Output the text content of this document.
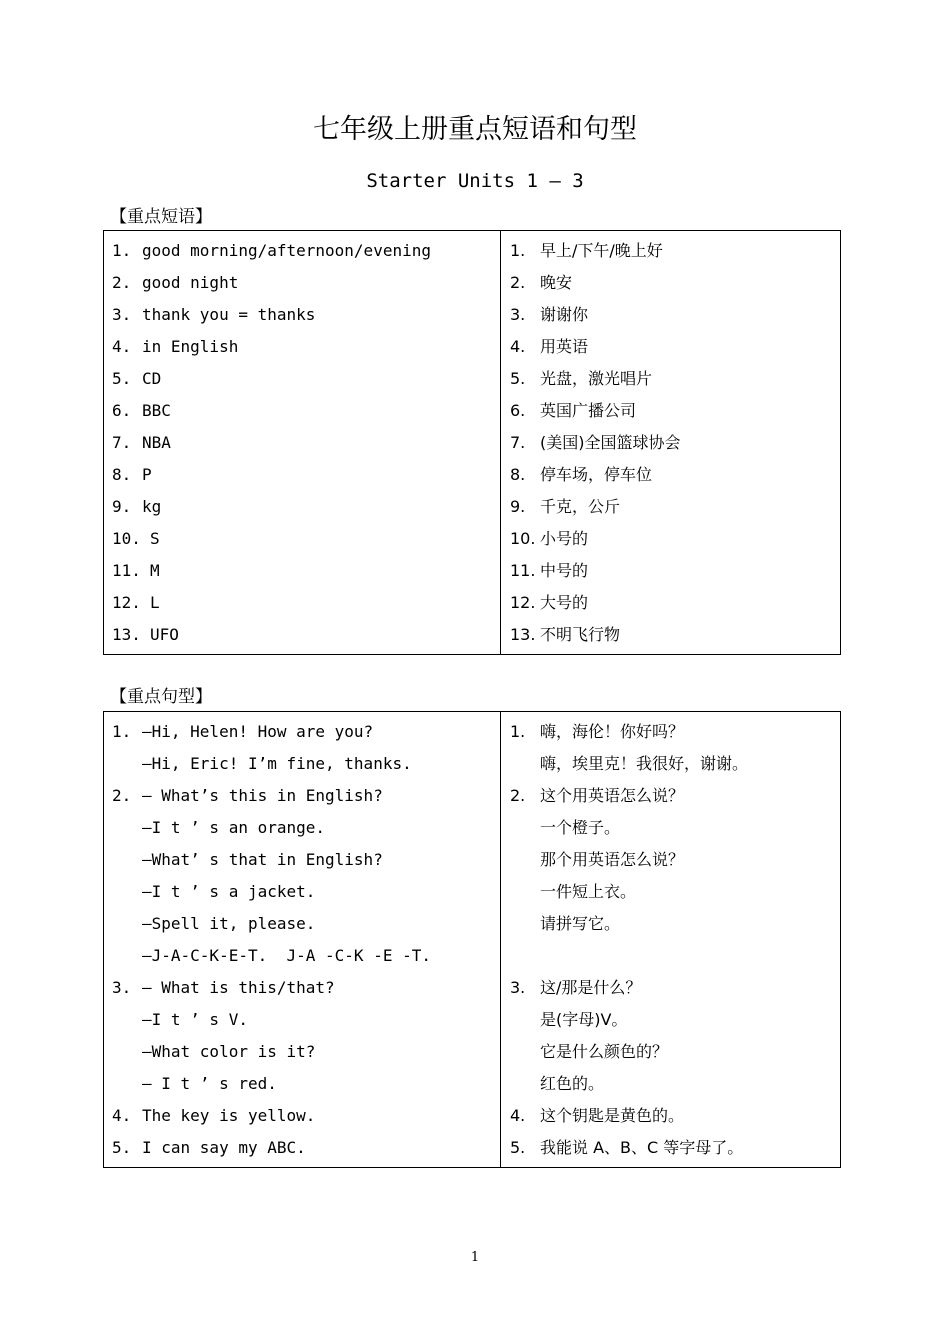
七年级上册重点短语和句型
Starter Units 1 — 3
【重点短语】
1. good morning/afternoon/evening
2. good night
3. thank you = thanks
4. in English
5. CD
6. BBC
7. NBA
8. P
9. kg
10. S
11. M
12. L
13. UFO
1. 早上/下午/晚上好
2. 晚安
3. 谢谢你
4. 用英语
5. 光盘，激光唱片
6. 英国广播公司
7. (美国)全国篮球协会
8. 停车场，停车位
9. 千克，公斤
10. 小号的
11. 中号的
12. 大号的
13. 不明飞行物
【重点句型】
1. —Hi, Helen! How are you?
—Hi, Eric! I’m fine, thanks.
2. — What’s this in English?
—I t ’ s an orange.
—What’ s that in English?
—I t ’ s a jacket.
—Spell it, please.
—J-A-C-K-E-T.  J-A -C-K -E -T.
3. — What is this/that?
—I t ’ s V.
—What color is it?
— I t ’ s red.
4. The key is yellow.
5. I can say my ABC.
1. 嗨，海伦！你好吗？
嗨，埃里克！我很好，谢谢。
2. 这个用英语怎么说？
一个橙子。
那个用英语怎么说？
一件短上衣。
请拼写它。
3. 这/那是什么？
是(字母)V。
它是什么颜色的？
红色的。
4. 这个钥匙是黄色的。
5. 我能说 A、B、C 等字母了。
1
